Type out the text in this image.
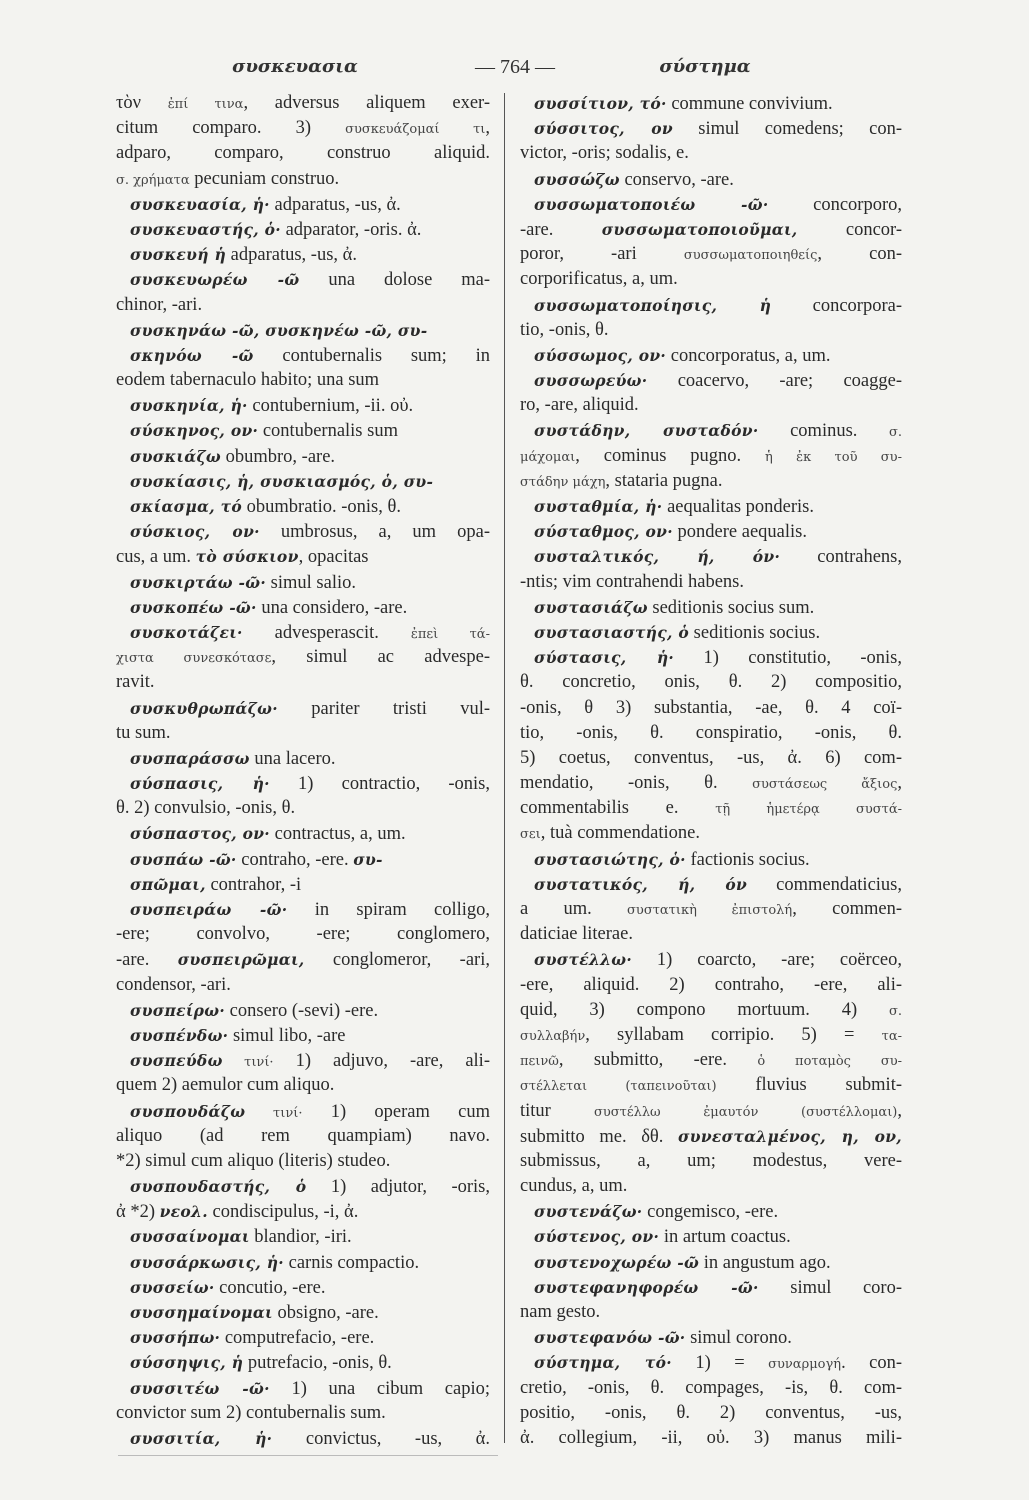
συσκευασια	— 764 —	σύστημα
τὸν ἐπί τινα, adversus aliquem exer-
citum comparo. 3) συσκευάζομαί τι,
adparo, comparo, construo aliquid.
σ. χρήματα pecuniam construo.
συσκευασία, ἡ· adparatus, -us, ἀ.
συσκευαστής, ὁ· adparator, -oris. ἀ.
συσκευή ἡ adparatus, -us, ἀ.
συσκευωρέω -ῶ una dolose ma-
chinor, -ari.
συσκηνάω -ῶ, συσκηνέω -ῶ, συ-
σκηνόω -ῶ contubernalis sum; in
eodem tabernaculo habito; una sum
συσκηνία, ἡ· contubernium, -ii. οὐ.
σύσκηνος, ον· contubernalis sum
συσκιάζω obumbro, -are.
συσκίασις, ἡ, συσκιασμός, ὁ, συ-
σκίασμα, τό obumbratio. -onis, θ.
σύσκιος, ον· umbrosus, a, um opa-
cus, a um. τὸ σύσκιον, opacitas
συσκιρτάω -ῶ· simul salio.
συσκοπέω -ῶ· una considero, -are.
συσκοτάζει· advesperascit. ἐπεὶ τά-
χιστα συνεσκότασε, simul ac advespe-
ravit.
συσκυθρωπάζω· pariter tristi vul-
tu sum.
συσπαράσσω una lacero.
σύσπασις, ἡ· 1) contractio, -onis,
θ. 2) convulsio, -onis, θ.
σύσπαστος, ον· contractus, a, um.
συσπάω -ῶ· contraho, -ere. συ-
σπῶμαι, contrahor, -i
συσπειράω -ῶ· in spiram colligo,
-ere; convolvo, -ere; conglomero,
-are. συσπειρῶμαι, conglomeror, -ari,
condensor, -ari.
συσπείρω· consero (-sevi) -ere.
συσπένδω· simul libo, -are
συσπεύδω τινί· 1) adjuvo, -are, ali-
quem 2) aemulor cum aliquo.
συσπουδάζω τινί· 1) operam cum
aliquo (ad rem quampiam) navo.
*2) simul cum aliquo (literis) studeo.
συσπουδαστής, ὁ 1) adjutor, -oris,
ἀ *2) νεολ. condiscipulus, -i, ἀ.
συσσαίνομαι blandior, -iri.
συσσάρκωσις, ἡ· carnis compactio.
συσσείω· concutio, -ere.
συσσημαίνομαι obsigno, -are.
συσσήπω· computrefacio, -ere.
σύσσηψις, ἡ putrefacio, -onis, θ.
συσσιτέω -ῶ· 1) una cibum capio;
convictor sum 2) contubernalis sum.
συσσιτία, ἡ· convictus, -us, ἀ.
συσσίτιον, τό· commune convivium.
σύσσιτος, ον simul comedens; con-
victor, -oris; sodalis, e.
συσσώζω conservo, -are.
συσσωματοποιέω -ῶ· concorporo,
-are. συσσωματοποιοῦμαι, concor-
poror, -ari συσσωματοποιηθείς, con-
corporificatus, a, um.
συσσωματοποίησις, ἡ concorpora-
tio, -onis, θ.
σύσσωμος, ον· concorporatus, a, um.
συσσωρεύω· coacervo, -are; coagge-
ro, -are, aliquid.
συστάδην, συσταδόν· cominus. σ.
μάχομαι, cominus pugno. ἡ ἐκ τοῦ συ-
στάδην μάχη, stataria pugna.
συσταθμία, ἡ· aequalitas ponderis.
σύσταθμος, ον· pondere aequalis.
συσταλτικός, ή, όν· contrahens,
-ntis; vim contrahendi habens.
συστασιάζω seditionis socius sum.
συστασιαστής, ὁ seditionis socius.
σύστασις, ἡ· 1) constitutio, -onis,
θ. concretio, onis, θ. 2) compositio,
-onis, θ 3) substantia, -ae, θ. 4 coï-
tio, -onis, θ. conspiratio, -onis, θ.
5) coetus, conventus, -us, ἀ. 6) com-
mendatio, -onis, θ. συστάσεως ἄξιος,
commentabilis e. τῇ ἡμετέρᾳ συστά-
σει, tuà commendatione.
συστασιώτης, ὁ· factionis socius.
συστατικός, ή, όν commendaticius,
a um. συστατικὴ ἐπιστολή, commen-
daticiae literae.
συστέλλω· 1) coarcto, -are; coërceo,
-ere, aliquid. 2) contraho, -ere, ali-
quid, 3) compono mortuum. 4) σ.
συλλαβήν, syllabam corripio. 5) = τα-
πεινῶ, submitto, -ere. ὁ ποταμὸς συ-
στέλλεται (ταπεινοῦται) fluvius submit-
titur συστέλλω ἐμαυτόν (συστέλλομαι),
submitto me. δθ. συνεσταλμένος, η, ον,
submissus, a, um; modestus, vere-
cundus, a, um.
συστενάζω· congemisco, -ere.
σύστενος, ον· in artum coactus.
συστενοχωρέω -ῶ in angustum ago.
συστεφανηφορέω -ῶ· simul coro-
nam gesto.
συστεφανόω -ῶ· simul corono.
σύστημα, τό· 1) = συναρμογή. con-
cretio, -onis, θ. compages, -is, θ. com-
positio, -onis, θ. 2) conventus, -us,
ἀ. collegium, -ii, οὐ. 3) manus mili-
